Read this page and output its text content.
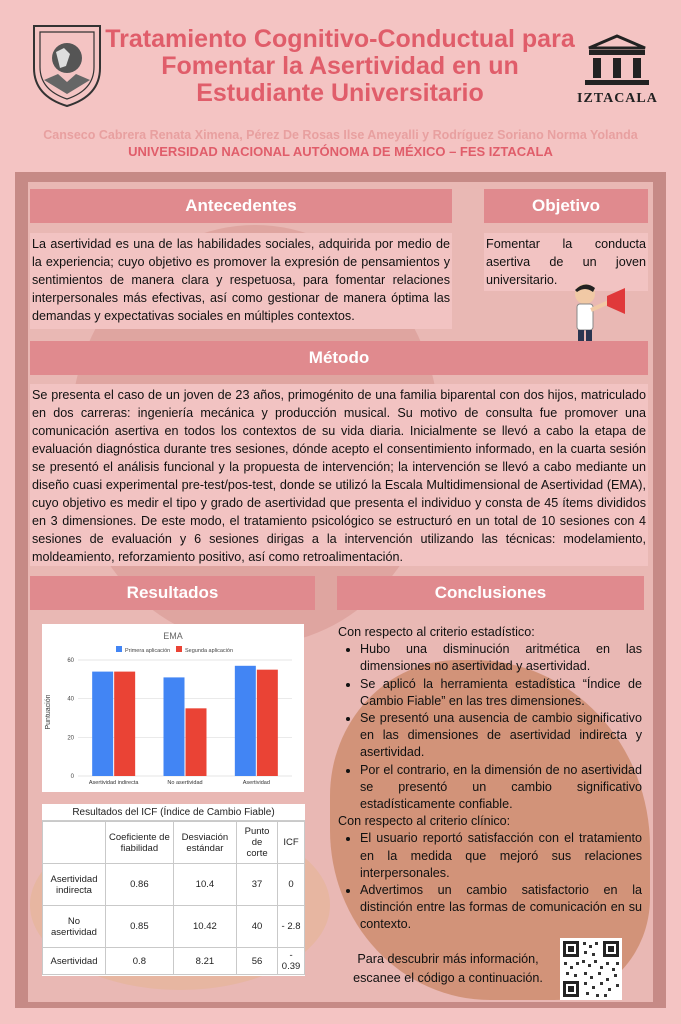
Tratamiento Cognitivo-Conductual para Fomentar la Asertividad en un Estudiante Universitario	IZTACALA
Canseco Cabrera Renata Ximena, Pérez De Rosas Ilse Ameyalli y Rodríguez Soriano Norma Yolanda
UNIVERSIDAD NACIONAL AUTÓNOMA DE MÉXICO – FES IZTACALA
Antecedentes
La asertividad es una de las habilidades sociales, adquirida por medio de la experiencia; cuyo objetivo es promover la expresión de pensamientos y sentimientos de manera clara y respetuosa, para fomentar relaciones interpersonales más efectivas, así como gestionar de manera óptima las demandas y expectativas sociales en múltiples contextos.
Objetivo
Fomentar la conducta asertiva de un joven universitario.
Método
Se presenta el caso de un joven de 23 años, primogénito de una familia biparental con dos hijos, matriculado en dos carreras: ingeniería mecánica y producción musical. Su motivo de consulta fue promover una comunicación asertiva en todos los contextos de su vida diaria. Inicialmente se llevó a cabo la etapa de evaluación diagnóstica durante tres sesiones, dónde acepto el consentimiento informado, en la cuarta sesión se presentó el análisis funcional y la propuesta de intervención; la intervención se llevó a cabo mediante un diseño cuasi experimental pre-test/pos-test, donde se utilizó la Escala Multidimensional de Asertividad (EMA), cuyo objetivo es medir el tipo y grado de asertividad que presenta el individuo y consta de 45 ítems divididos en 3 dimensiones. De este modo, el tratamiento psicológico se estructuró en un total de 10 sesiones con 4 sesiones de evaluación y 6 sesiones dirigas a la intervención utilizando las técnicas: modelamiento, moldeamiento, reforzamiento positivo, así como retroalimentación.
Resultados
EMA
Primera aplicación	Segunda aplicación
Puntuación
0
20
40
60
Asertividad indirecta	No asertividad	Asertividad
Resultados del ICF (Índice de Cambio Fiable)
	Coeficiente de fiabilidad	Desviación estándar	Punto de corte	ICF
Asertividad indirecta	0.86	10.4	37	0
No asertividad	0.85	10.42	40	- 2.8
Asertividad	0.8	8.21	56	- 0.39
Conclusiones
Con respecto al criterio estadístico:
• Hubo una disminución aritmética en las dimensiones no asertividad y asertividad.
• Se aplicó la herramienta estadística “Índice de Cambio Fiable” en las tres dimensiones.
• Se presentó una ausencia de cambio significativo en las dimensiones de asertividad indirecta y asertividad.
• Por el contrario, en la dimensión de no asertividad se presentó un cambio significativo estadísticamente confiable.
Con respecto al criterio clínico:
• El usuario reportó satisfacción con el tratamiento en la medida que mejoró sus relaciones interpersonales.
• Advertimos un cambio satisfactorio en la distinción entre las formas de comunicación en su contexto.
Para descubrir más información, escanee el código a continuación.
